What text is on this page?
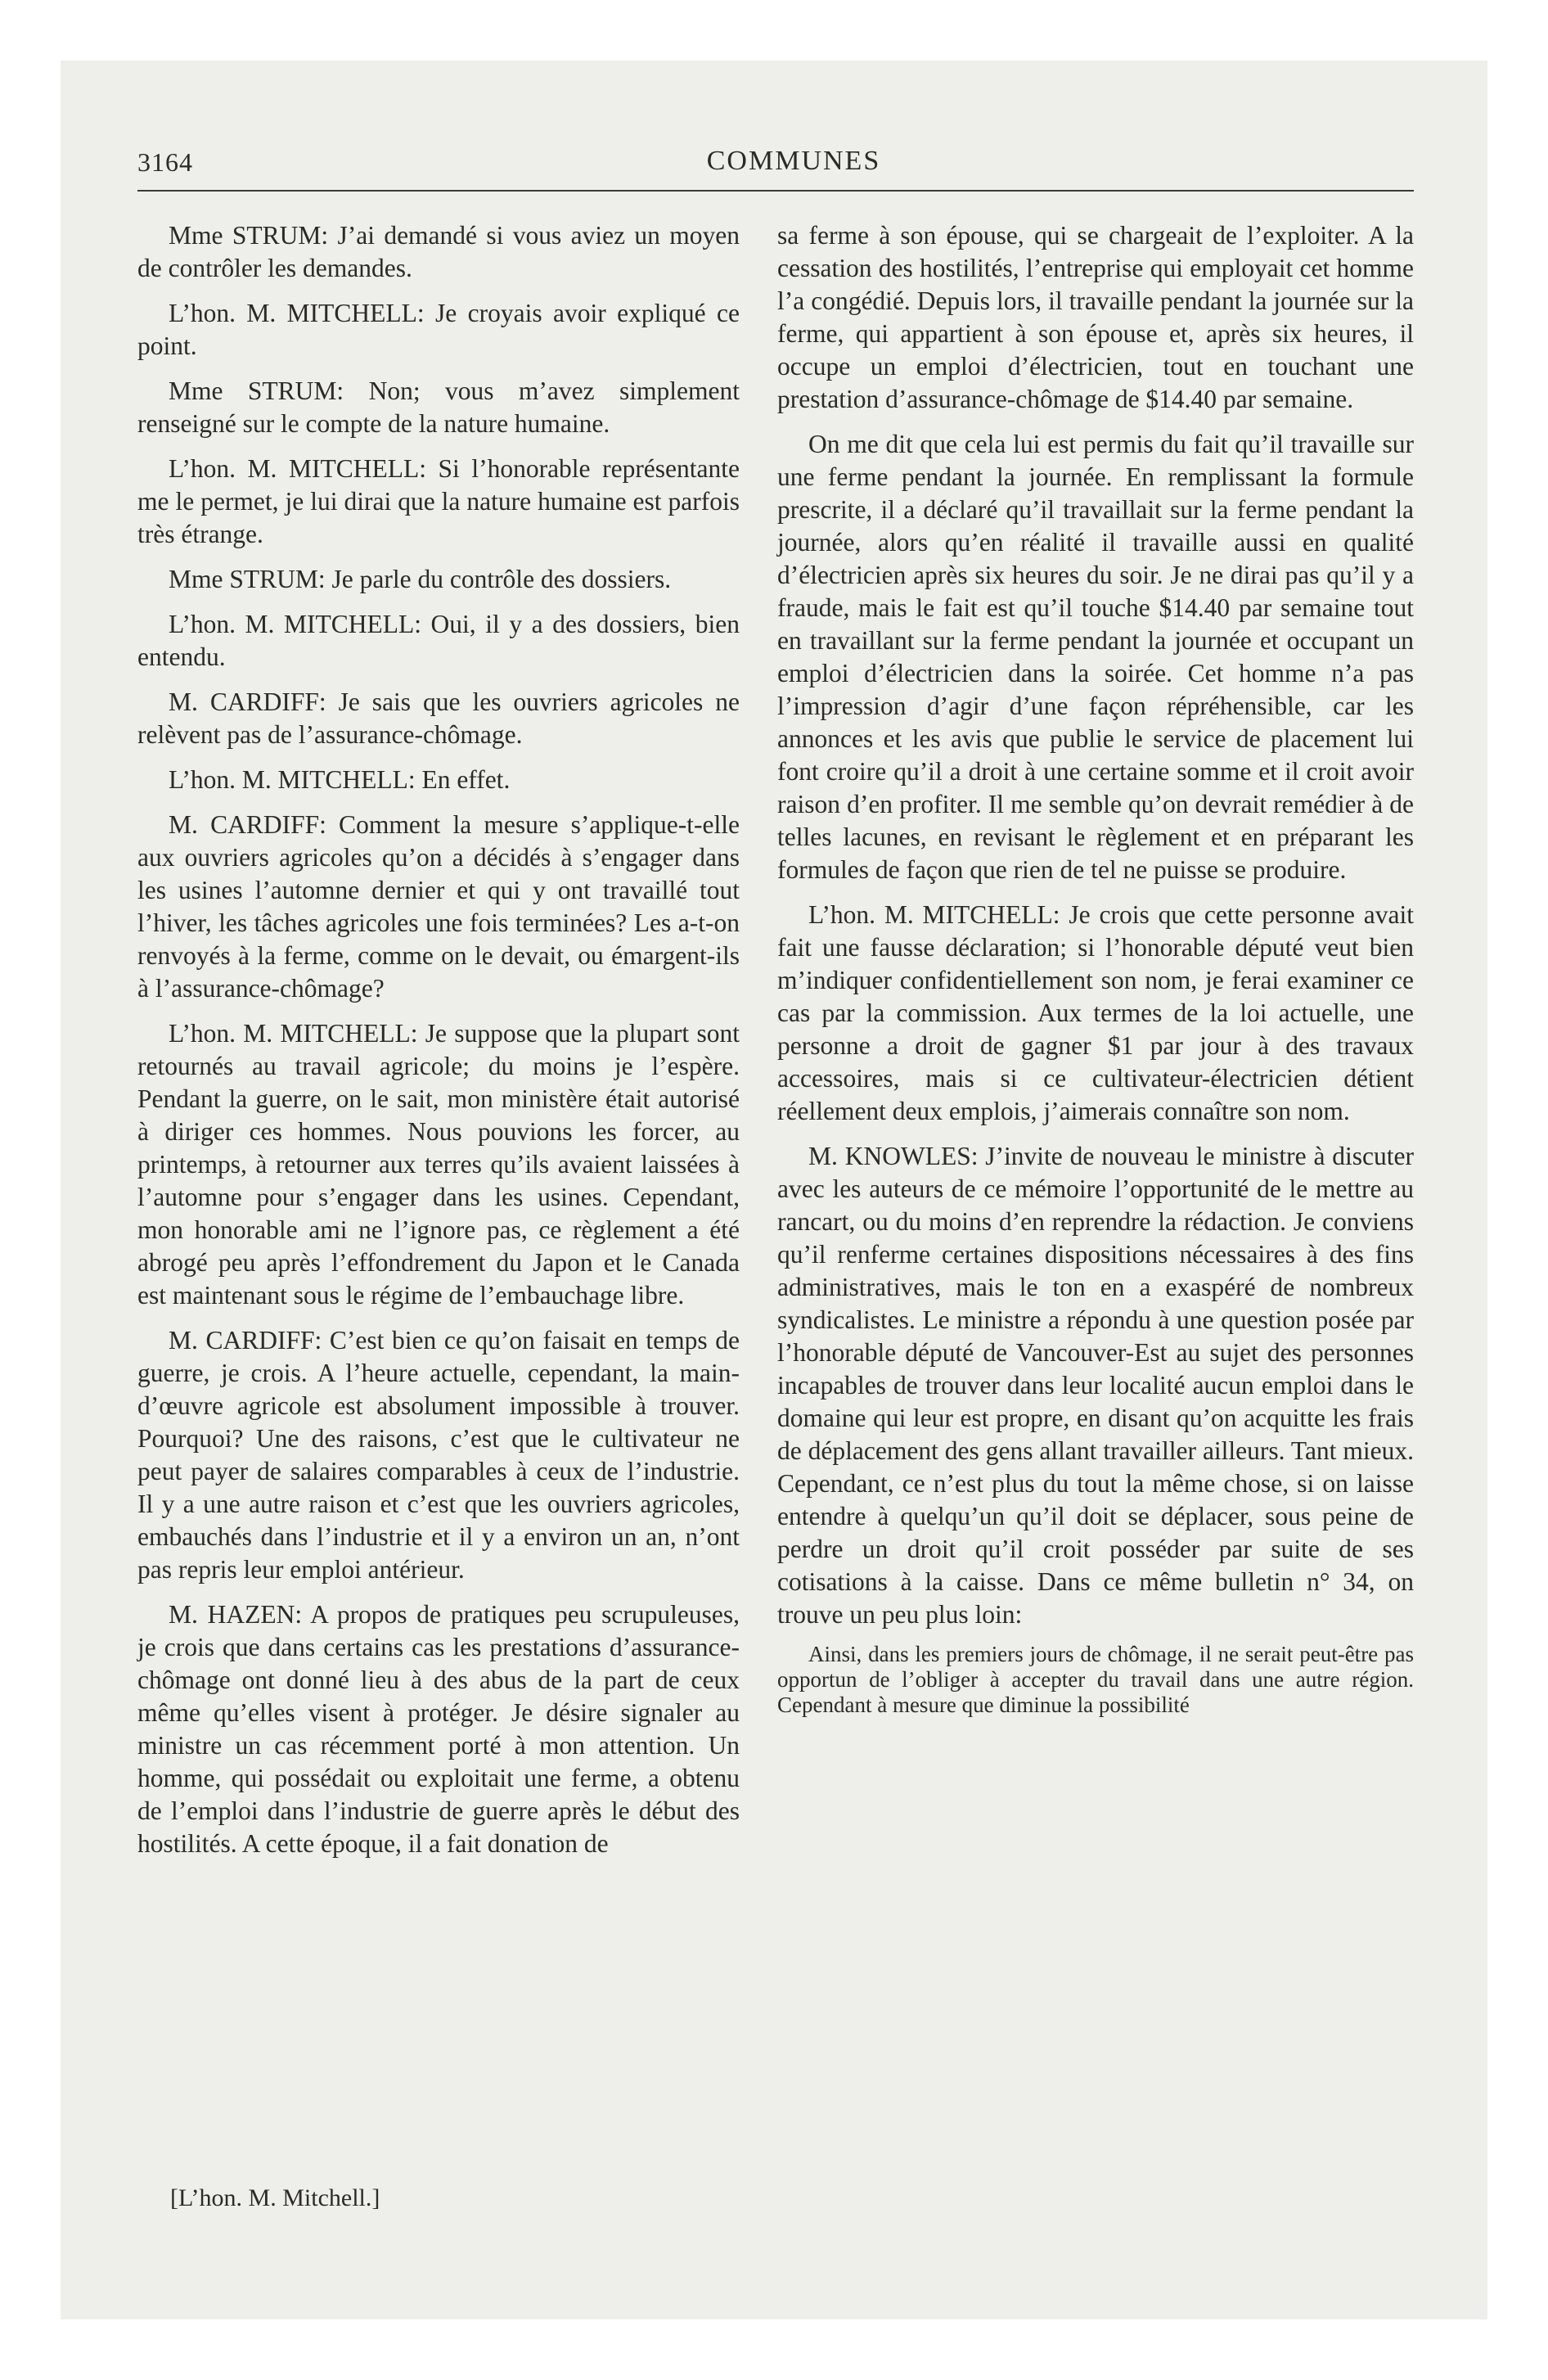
3164	COMMUNES

Mme STRUM: J’ai demandé si vous aviez un moyen de contrôler les demandes.

L’hon. M. MITCHELL: Je croyais avoir expliqué ce point.

Mme STRUM: Non; vous m’avez simplement renseigné sur le compte de la nature humaine.

L’hon. M. MITCHELL: Si l’honorable représentante me le permet, je lui dirai que la nature humaine est parfois très étrange.

Mme STRUM: Je parle du contrôle des dossiers.

L’hon. M. MITCHELL: Oui, il y a des dossiers, bien entendu.

M. CARDIFF: Je sais que les ouvriers agricoles ne relèvent pas de l’assurance-chômage.

L’hon. M. MITCHELL: En effet.

M. CARDIFF: Comment la mesure s’applique-t-elle aux ouvriers agricoles qu’on a décidés à s’engager dans les usines l’automne dernier et qui y ont travaillé tout l’hiver, les tâches agricoles une fois terminées? Les a-t-on renvoyés à la ferme, comme on le devait, ou émargent-ils à l’assurance-chômage?

L’hon. M. MITCHELL: Je suppose que la plupart sont retournés au travail agricole; du moins je l’espère. Pendant la guerre, on le sait, mon ministère était autorisé à diriger ces hommes. Nous pouvions les forcer, au printemps, à retourner aux terres qu’ils avaient laissées à l’automne pour s’engager dans les usines. Cependant, mon honorable ami ne l’ignore pas, ce règlement a été abrogé peu après l’effondrement du Japon et le Canada est maintenant sous le régime de l’embauchage libre.

M. CARDIFF: C’est bien ce qu’on faisait en temps de guerre, je crois. A l’heure actuelle, cependant, la main-d’œuvre agricole est absolument impossible à trouver. Pourquoi? Une des raisons, c’est que le cultivateur ne peut payer de salaires comparables à ceux de l’industrie. Il y a une autre raison et c’est que les ouvriers agricoles, embauchés dans l’industrie et il y a environ un an, n’ont pas repris leur emploi antérieur.

M. HAZEN: A propos de pratiques peu scrupuleuses, je crois que dans certains cas les prestations d’assurance-chômage ont donné lieu à des abus de la part de ceux même qu’elles visent à protéger. Je désire signaler au ministre un cas récemment porté à mon attention. Un homme, qui possédait ou exploitait une ferme, a obtenu de l’emploi dans l’industrie de guerre après le début des hostilités. A cette époque, il a fait donation de

[L’hon. M. Mitchell.]

sa ferme à son épouse, qui se chargeait de l’exploiter. A la cessation des hostilités, l’entreprise qui employait cet homme l’a congédié. Depuis lors, il travaille pendant la journée sur la ferme, qui appartient à son épouse et, après six heures, il occupe un emploi d’électricien, tout en touchant une prestation d’assurance-chômage de $14.40 par semaine.

On me dit que cela lui est permis du fait qu’il travaille sur une ferme pendant la journée. En remplissant la formule prescrite, il a déclaré qu’il travaillait sur la ferme pendant la journée, alors qu’en réalité il travaille aussi en qualité d’électricien après six heures du soir. Je ne dirai pas qu’il y a fraude, mais le fait est qu’il touche $14.40 par semaine tout en travaillant sur la ferme pendant la journée et occupant un emploi d’électricien dans la soirée. Cet homme n’a pas l’impression d’agir d’une façon répréhensible, car les annonces et les avis que publie le service de placement lui font croire qu’il a droit à une certaine somme et il croit avoir raison d’en profiter. Il me semble qu’on devrait remédier à de telles lacunes, en revisant le règlement et en préparant les formules de façon que rien de tel ne puisse se produire.

L’hon. M. MITCHELL: Je crois que cette personne avait fait une fausse déclaration; si l’honorable député veut bien m’indiquer confidentiellement son nom, je ferai examiner ce cas par la commission. Aux termes de la loi actuelle, une personne a droit de gagner $1 par jour à des travaux accessoires, mais si ce cultivateur-électricien détient réellement deux emplois, j’aimerais connaître son nom.

M. KNOWLES: J’invite de nouveau le ministre à discuter avec les auteurs de ce mémoire l’opportunité de le mettre au rancart, ou du moins d’en reprendre la rédaction. Je conviens qu’il renferme certaines dispositions nécessaires à des fins administratives, mais le ton en a exaspéré de nombreux syndicalistes. Le ministre a répondu à une question posée par l’honorable député de Vancouver-Est au sujet des personnes incapables de trouver dans leur localité aucun emploi dans le domaine qui leur est propre, en disant qu’on acquitte les frais de déplacement des gens allant travailler ailleurs. Tant mieux. Cependant, ce n’est plus du tout la même chose, si on laisse entendre à quelqu’un qu’il doit se déplacer, sous peine de perdre un droit qu’il croit posséder par suite de ses cotisations à la caisse. Dans ce même bulletin n° 34, on trouve un peu plus loin:

Ainsi, dans les premiers jours de chômage, il ne serait peut-être pas opportun de l’obliger à accepter du travail dans une autre région. Cependant à mesure que diminue la possibilité
